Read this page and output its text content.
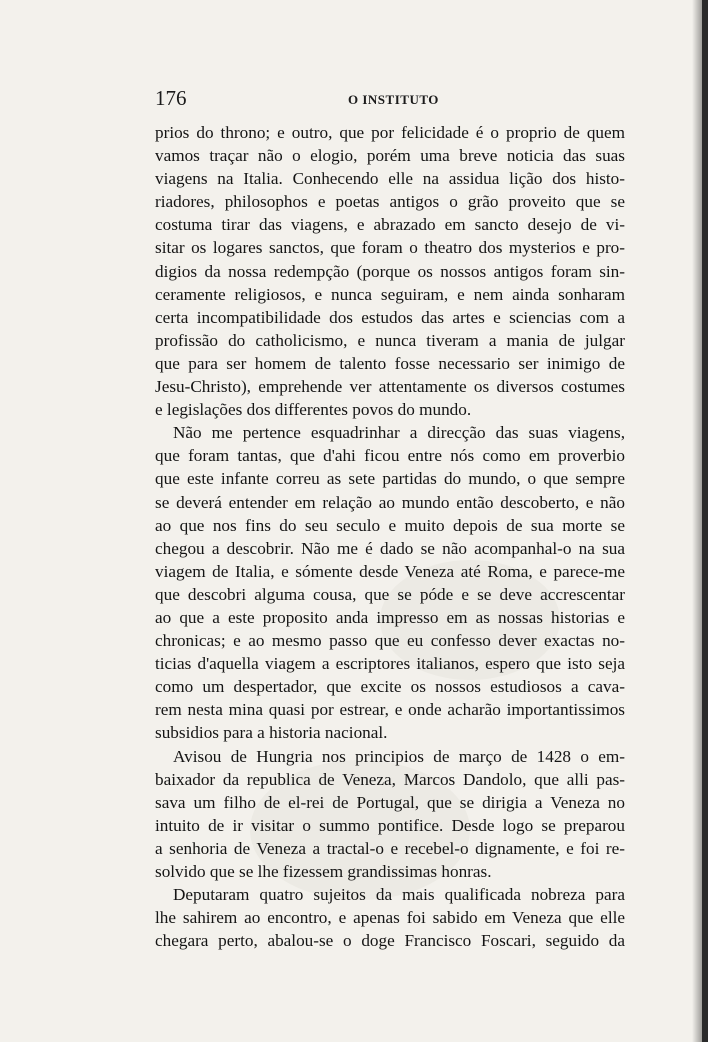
176	O INSTITUTO
prios do throno; e outro, que por felicidade é o proprio de quem
vamos traçar não o elogio, porém uma breve noticia das suas
viagens na Italia. Conhecendo elle na assidua lição dos histo-
riadores, philosophos e poetas antigos o grão proveito que se
costuma tirar das viagens, e abrazado em sancto desejo de vi-
sitar os logares sanctos, que foram o theatro dos mysterios e pro-
digios da nossa redempção (porque os nossos antigos foram sin-
ceramente religiosos, e nunca seguiram, e nem ainda sonharam
certa incompatibilidade dos estudos das artes e sciencias com a
profissão do catholicismo, e nunca tiveram a mania de julgar
que para ser homem de talento fosse necessario ser inimigo de
Jesu-Christo), emprehende ver attentamente os diversos costumes
e legislações dos differentes povos do mundo.
Não me pertence esquadrinhar a direcção das suas viagens,
que foram tantas, que d'ahi ficou entre nós como em proverbio
que este infante correu as sete partidas do mundo, o que sempre
se deverá entender em relação ao mundo então descoberto, e não
ao que nos fins do seu seculo e muito depois de sua morte se
chegou a descobrir. Não me é dado se não acompanhal-o na sua
viagem de Italia, e sómente desde Veneza até Roma, e parece-me
que descobri alguma cousa, que se póde e se deve accrescentar
ao que a este proposito anda impresso em as nossas historias e
chronicas; e ao mesmo passo que eu confesso dever exactas no-
ticias d'aquella viagem a escriptores italianos, espero que isto seja
como um despertador, que excite os nossos estudiosos a cava-
rem nesta mina quasi por estrear, e onde acharão importantissimos
subsidios para a historia nacional.
Avisou de Hungria nos principios de março de 1428 o em-
baixador da republica de Veneza, Marcos Dandolo, que alli pas-
sava um filho de el-rei de Portugal, que se dirigia a Veneza no
intuito de ir visitar o summo pontifice. Desde logo se preparou
a senhoria de Veneza a tractal-o e recebel-o dignamente, e foi re-
solvido que se lhe fizessem grandissimas honras.
Deputaram quatro sujeitos da mais qualificada nobreza para
lhe sahirem ao encontro, e apenas foi sabido em Veneza que elle
chegara perto, abalou-se o doge Francisco Foscari, seguido da
